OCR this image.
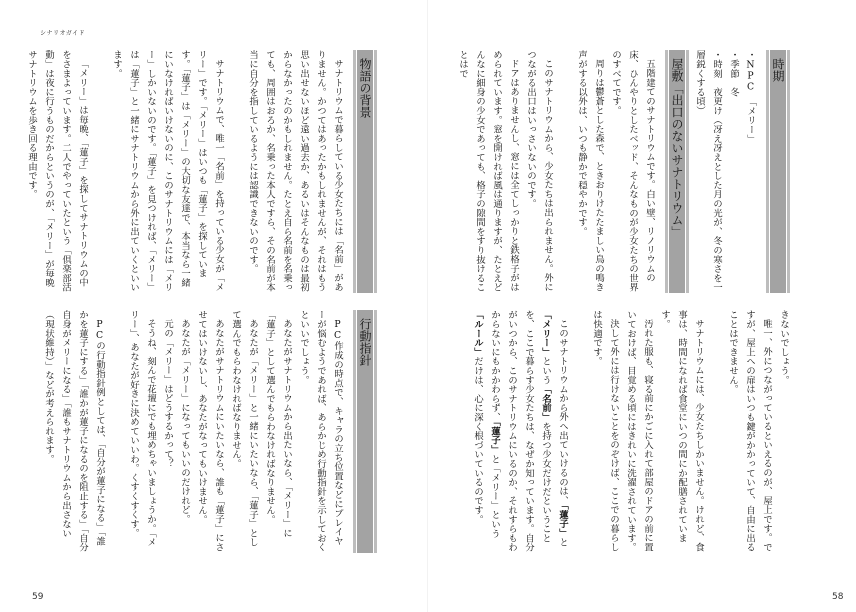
シナリオガイド
物語の背景
サナトリウムで暮らしている少女たちには「名前」がありません。かつてはあったかもしれませんが、それはもう思い出せないほど遠い過去か、あるいはそんなものは最初からなかったのかもしれません。たとえ自ら名前を名乗っても、周囲はおろか、名乗った本人ですら、その名前が本当に自分を指しているようには認識できないのです。
サナトリウムで、唯一「名前」を持っている少女が「メリー」です。「メリー」はいつも「蓮子」を探しています。「蓮子」は「メリー」の大切な友達で、本当なら一緒にいなければいけないのに、このサナトリウムには「メリー」しかいないのです。「蓮子」を見つければ、「メリー」は「蓮子」と一緒にサナトリウムから外に出ていくといいます。
「メリー」は毎晩、「蓮子」を探してサナトリウムの中をさまよっています。二人でやっていたという「倶楽部活動」は夜に行うものだからというのが、「メリー」が毎晩サナトリウムを歩き回る理由です。
行動指針
PC作成の時点で、キャラの立ち位置などにプレイヤーが悩むようであれば、あらかじめ行動指針を示しておくといいでしょう。
あなたがサナトリウムから出たいなら、「メリー」に「蓮子」として選んでもらわなければなりません。
あなたが「メリー」と一緒にいたいなら、「蓮子」として選んでもらわなければなりません。
あなたがサナトリウムにいたいなら、誰も「蓮子」にさせてはいけないし、あなたがなってもいけません。
あなたが「メリー」になってもいいのだけれど。
元の「メリー」はどうするかって？
そうね、刻んで花壇にでも埋めちゃいましょうか。「メリー」、あなたが好きに決めていいわ。くすくすくす。
PCの行動指針例としては、「自分が蓮子になる」「誰かを蓮子にする」「誰かが蓮子になるのを阻止する」「自分自身がメリーになる」「誰もサナトリウムから出さない（現状維持）」などが考えられます。
59
時期
・NPC　「メリー」
・季節　冬
・時刻　夜更け（冴え冴えとした月の光が、冬の寒さを一層鋭くする頃）
屋敷「出口のないサナトリウム」
五階建てのサナトリウムです。白い壁、リノリウムの床、ひんやりとしたベッド、そんなものが少女たちの世界のすべてです。
周りは鬱蒼とした森で、ときおりけたたましい鳥の鳴き声がする以外は、いつも静かで穏やかです。
このサナトリウムから、少女たちは出られません。外につながる出口はいっさいないのです。
ドアはありませんし、窓には全てしっかりと鉄格子がはめられています。窓を開ければ風は通りますが、たとえどんなに細身の少女であっても、格子の隙間をすり抜けることはで
きないでしょう。
唯一、外につながっているといえるのが、屋上です。ですが、屋上への扉はいつも鍵がかかっていて、自由に出ることはできません。
サナトリウムには、少女たちしかいません。けれど、食事は、時間になれば食堂にいつの間にか配膳されています。
汚れた服も、寝る前にかごに入れて部屋のドアの前に置いておけば、目覚める頃にはきれいに洗濯されています。
決して外には行けないことをのぞけば、ここでの暮らしは快適です。
このサナトリウムから外へ出ていけるのは、「蓮子」と「メリー」という「名前」を持つ少女だけだということを、ここで暮らす少女たちは、なぜか知っています。自分がいつから、このサナトリウムにいるのか、それすらもわからないにもかかわらず、「蓮子」と「メリー」という「ルール」だけは、心に深く根づいているのです。
58
